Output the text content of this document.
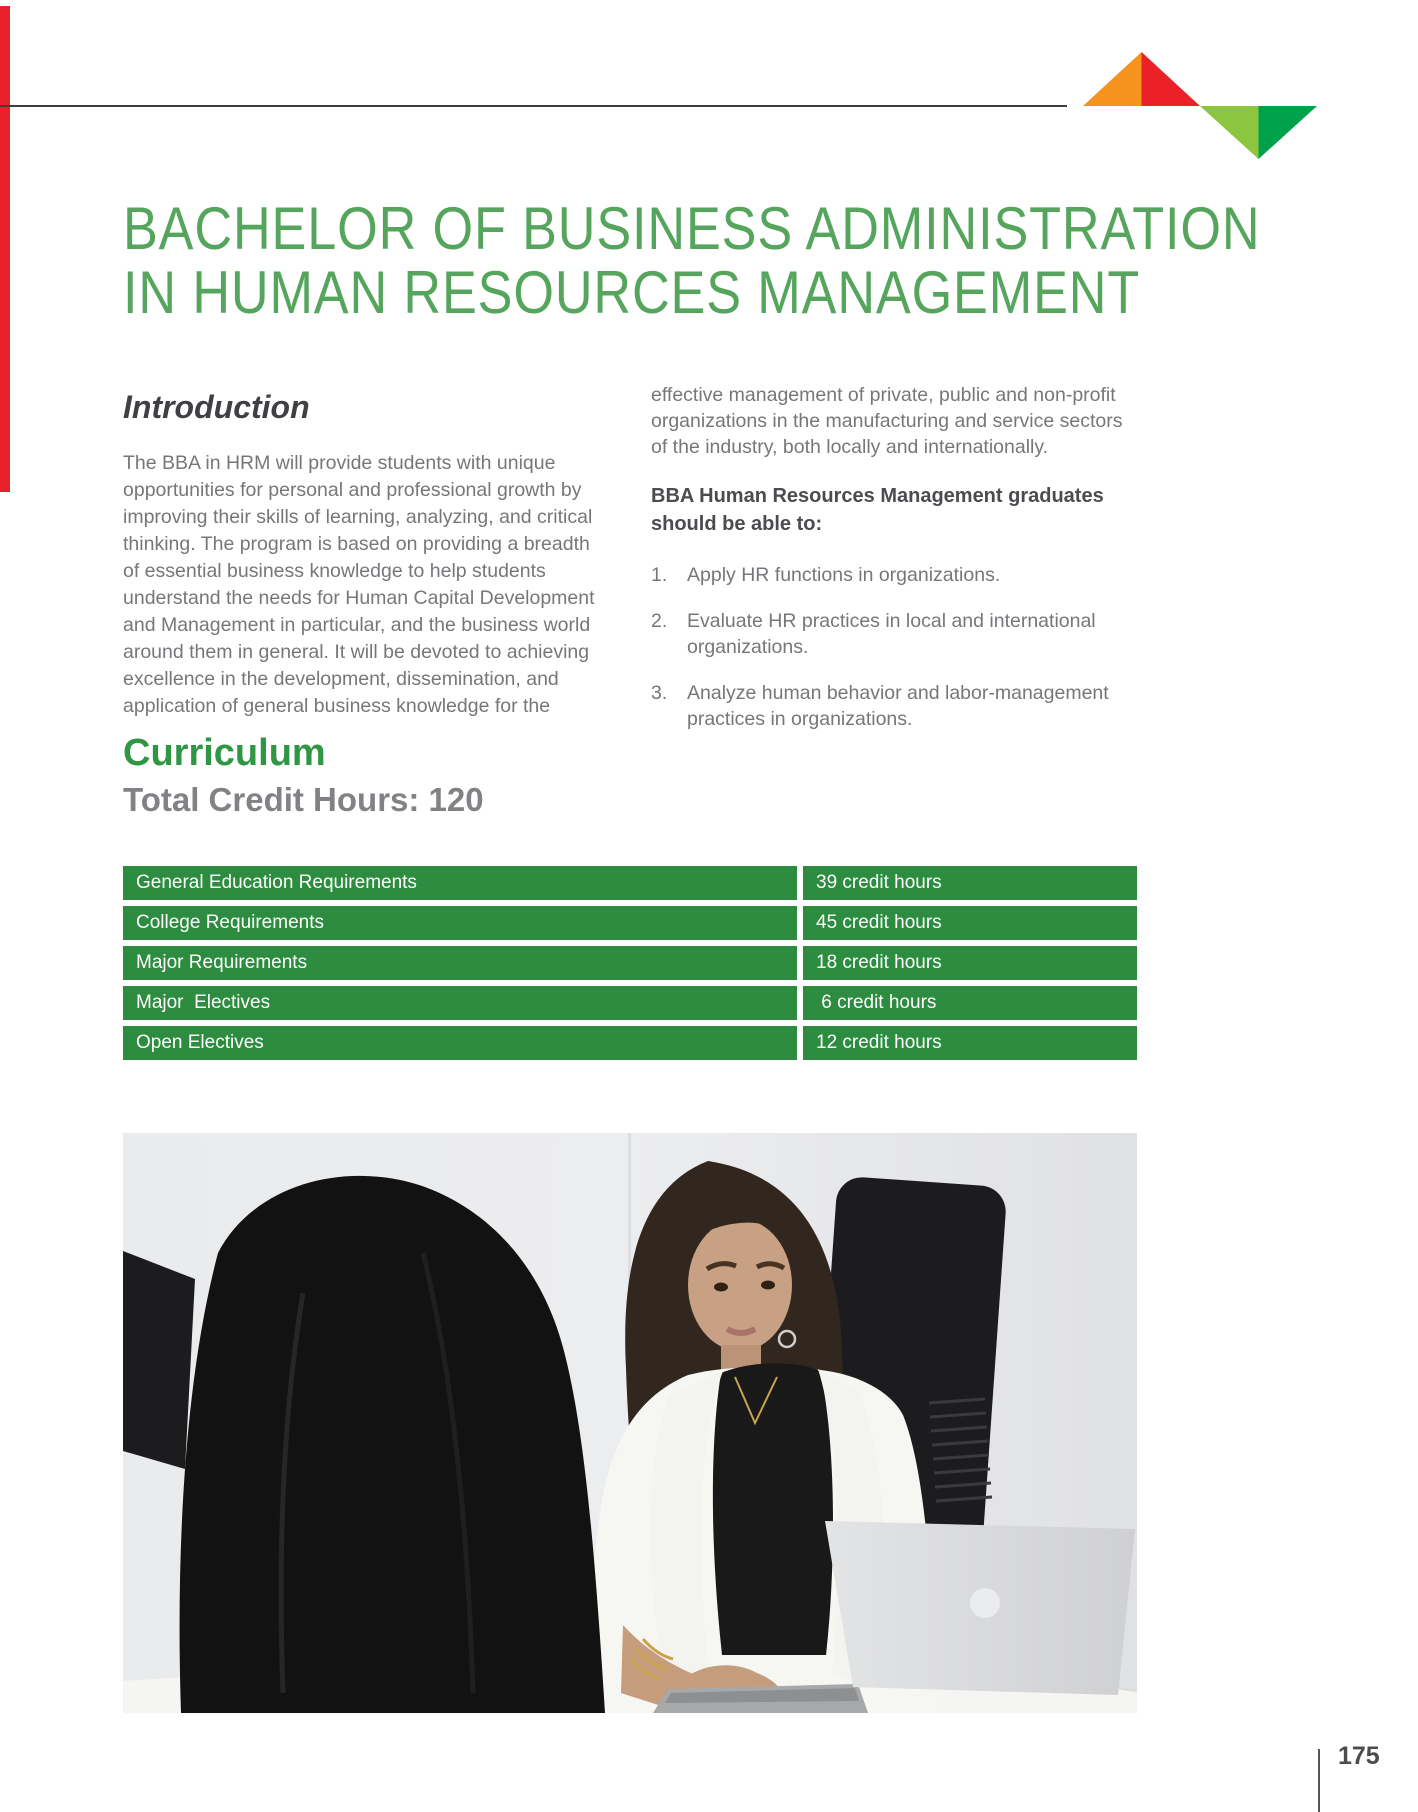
BACHELOR OF BUSINESS ADMINISTRATION
IN HUMAN RESOURCES MANAGEMENT
Introduction

The BBA in HRM will provide students with unique opportunities for personal and professional growth by improving their skills of learning, analyzing, and critical thinking. The program is based on providing a breadth of essential business knowledge to help students understand the needs for Human Capital Development and Management in particular, and the business world around them in general. It will be devoted to achieving excellence in the development, dissemination, and application of general business knowledge for the

effective management of private, public and non-profit organizations in the manufacturing and service sectors of the industry, both locally and internationally.

BBA Human Resources Management graduates should be able to:

1.	Apply HR functions in organizations.
2.	Evaluate HR practices in local and international organizations.
3.	Analyze human behavior and labor-management practices in organizations.
Curriculum
Total Credit Hours: 120
General Education Requirements	39 credit hours
College Requirements	45 credit hours
Major Requirements	18 credit hours
Major  Electives	6 credit hours
Open Electives	12 credit hours
175
